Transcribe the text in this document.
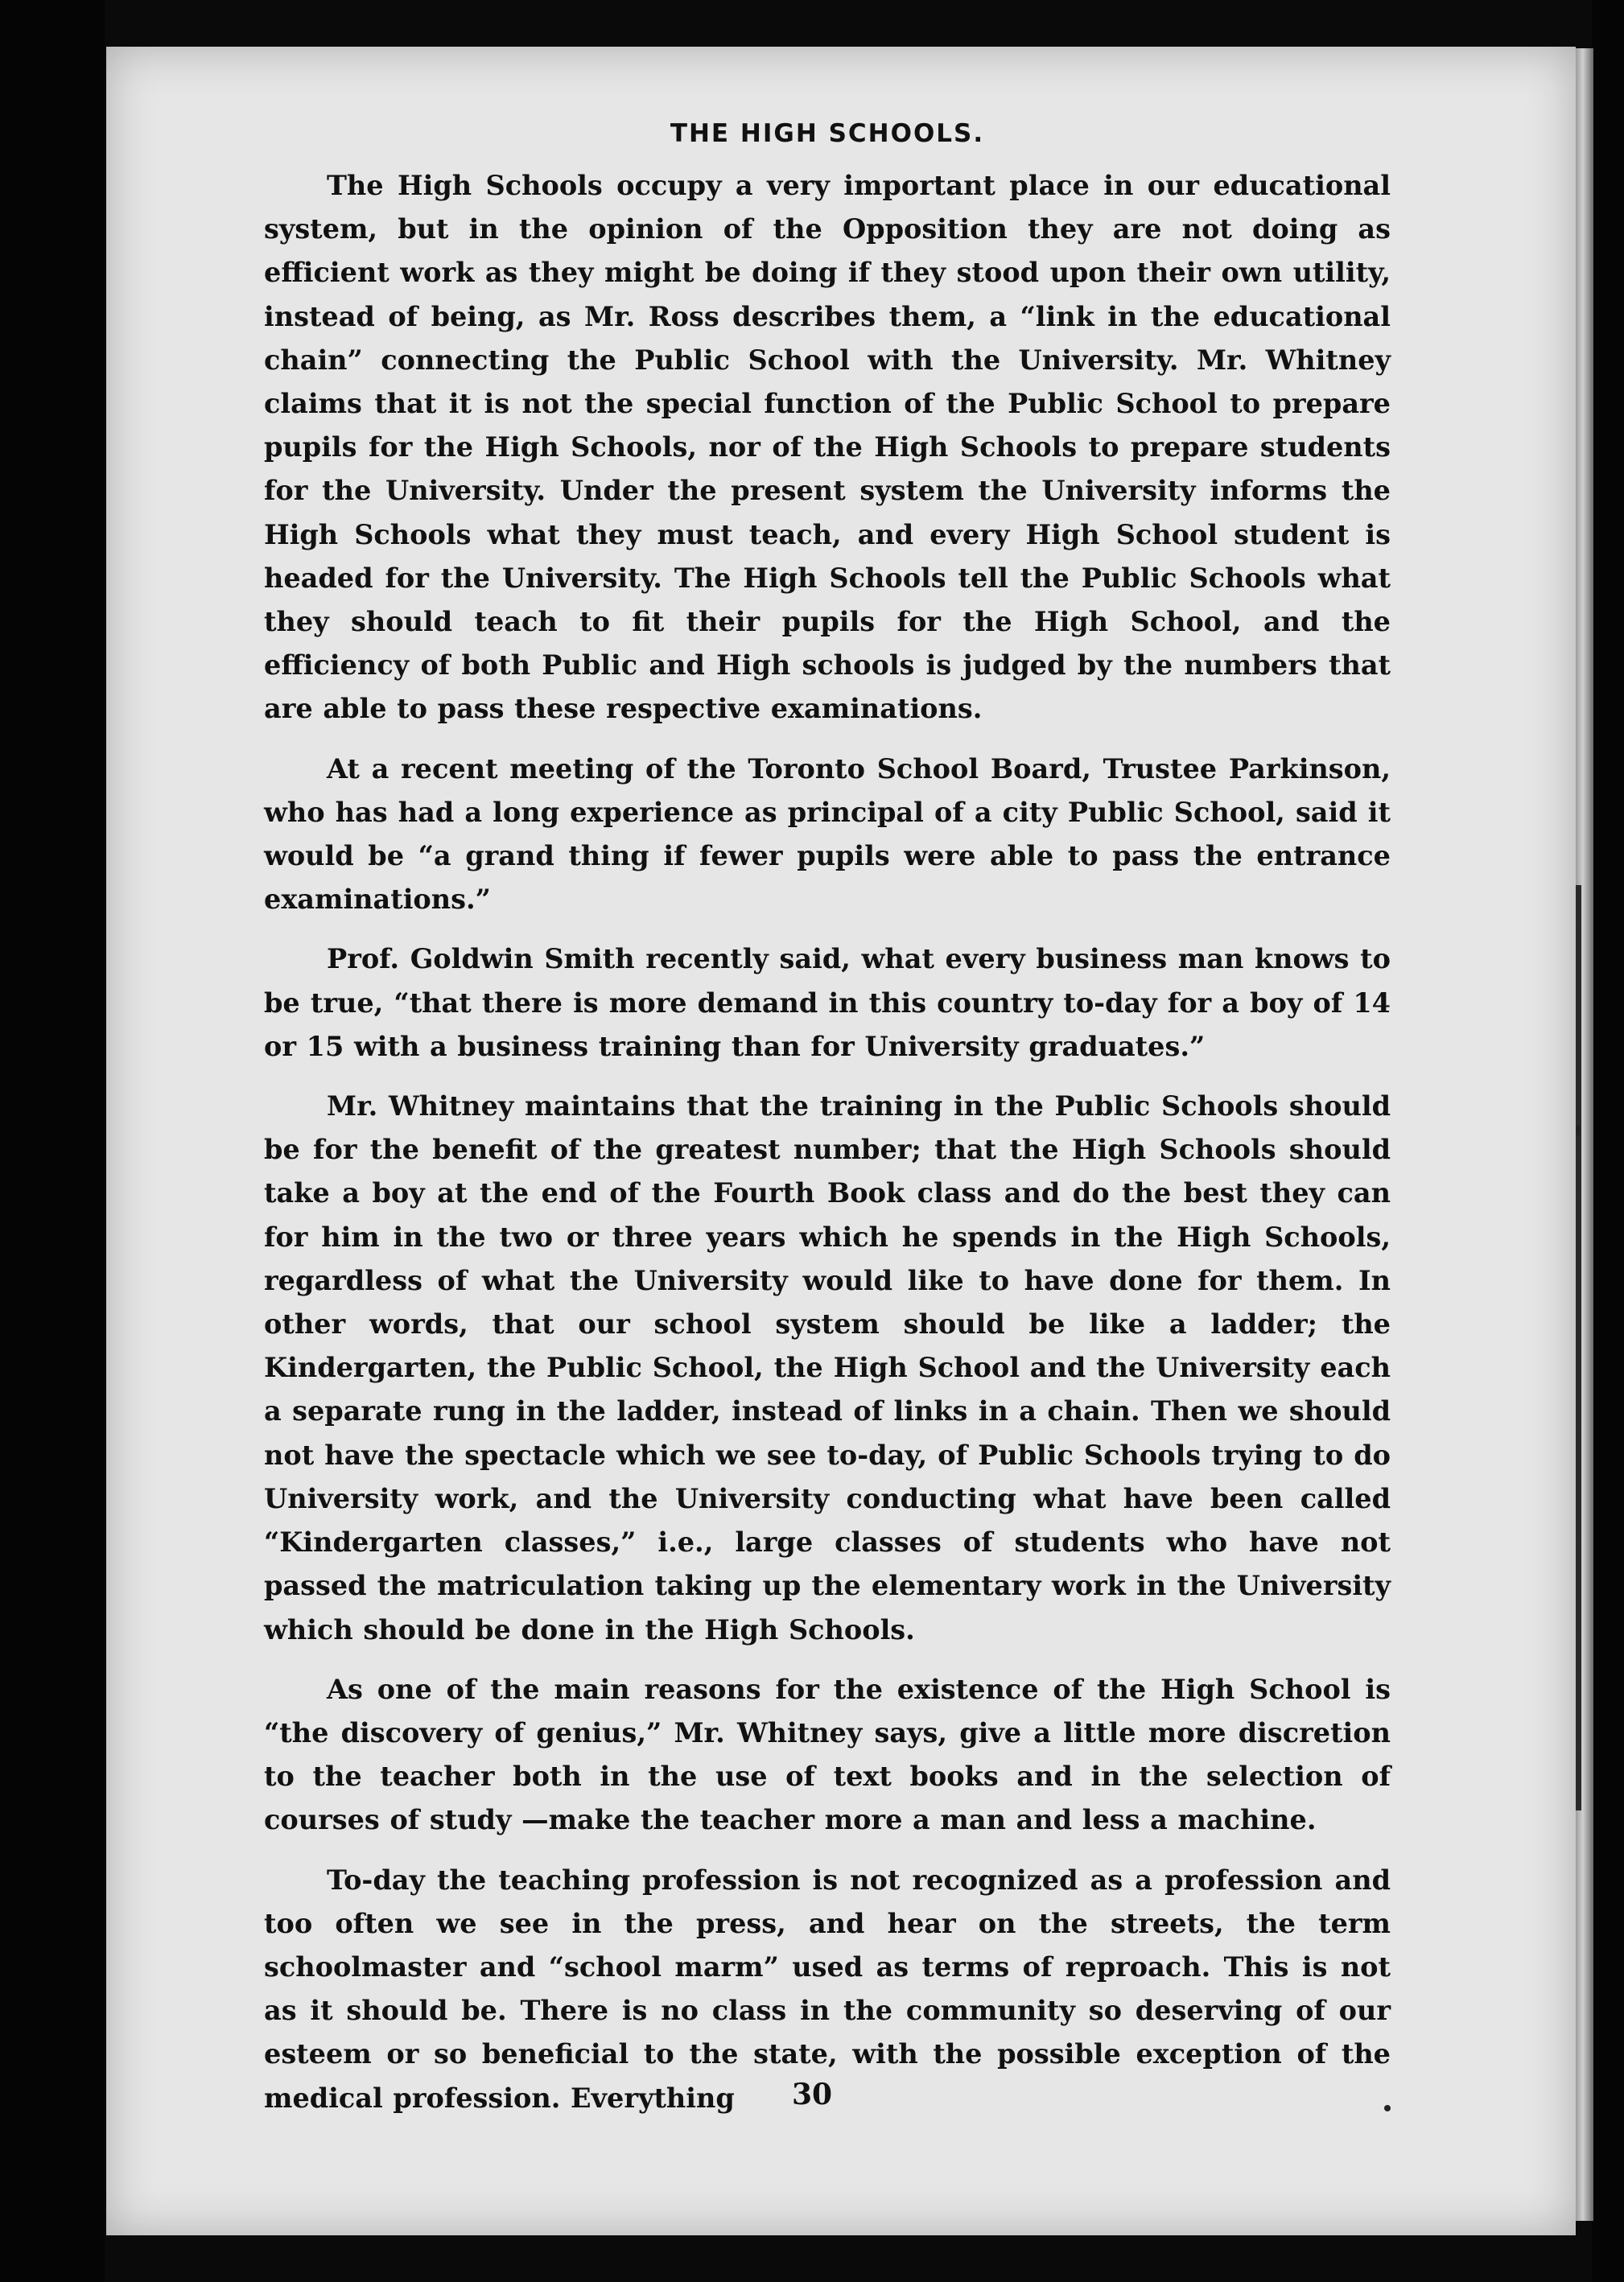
THE HIGH SCHOOLS.

The High Schools occupy a very important place in our educational system, but in the opinion of the Opposition they are not doing as efficient work as they might be doing if they stood upon their own utility, instead of being, as Mr. Ross describes them, a “link in the educational chain” connecting the Public School with the University. Mr. Whitney claims that it is not the special function of the Public School to prepare pupils for the High Schools, nor of the High Schools to prepare students for the University. Under the present system the University informs the High Schools what they must teach, and every High School student is headed for the University. The High Schools tell the Public Schools what they should teach to fit their pupils for the High School, and the efficiency of both Public and High schools is judged by the numbers that are able to pass these respective examinations.

At a recent meeting of the Toronto School Board, Trustee Parkinson, who has had a long experience as principal of a city Public School, said it would be “a grand thing if fewer pupils were able to pass the entrance examinations.”

Prof. Goldwin Smith recently said, what every business man knows to be true, “that there is more demand in this country to-day for a boy of 14 or 15 with a business training than for University graduates.”

Mr. Whitney maintains that the training in the Public Schools should be for the benefit of the greatest number; that the High Schools should take a boy at the end of the Fourth Book class and do the best they can for him in the two or three years which he spends in the High Schools, regardless of what the University would like to have done for them. In other words, that our school system should be like a ladder; the Kindergarten, the Public School, the High School and the University each a separate rung in the ladder, instead of links in a chain. Then we should not have the spectacle which we see to-day, of Public Schools trying to do University work, and the University conducting what have been called “Kindergarten classes,” i.e., large classes of students who have not passed the matriculation taking up the elementary work in the University which should be done in the High Schools.

As one of the main reasons for the existence of the High School is “the discovery of genius,” Mr. Whitney says, give a little more discretion to the teacher both in the use of text books and in the selection of courses of study —make the teacher more a man and less a machine.

To-day the teaching profession is not recognized as a profession and too often we see in the press, and hear on the streets, the term schoolmaster and “school marm” used as terms of reproach. This is not as it should be. There is no class in the community so deserving of our esteem or so beneficial to the state, with the possible exception of the medical profession. Everything	30
